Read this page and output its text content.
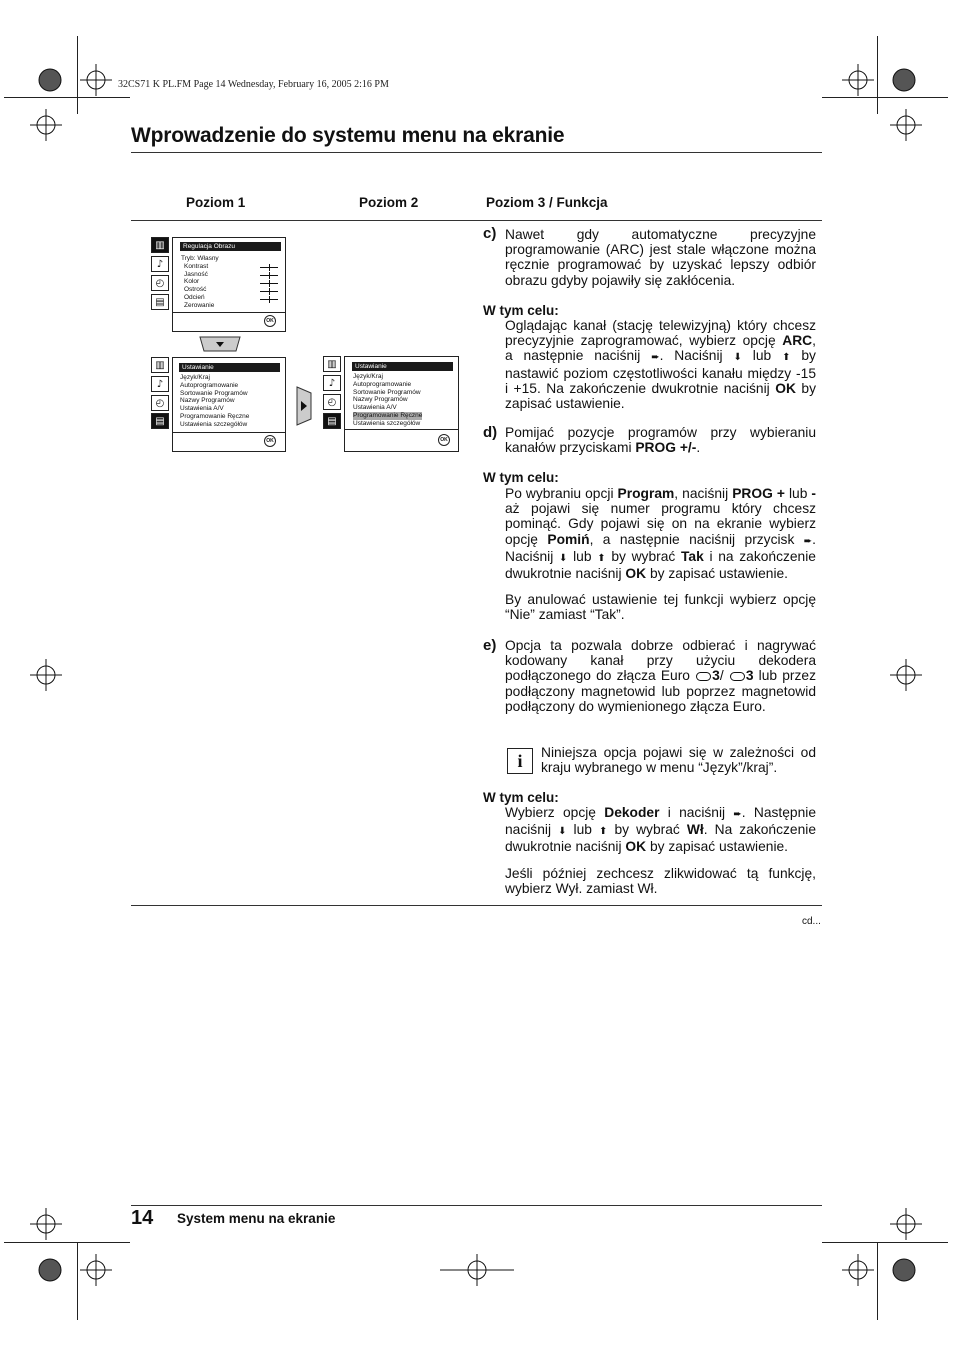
32CS71 K PL.FM Page 14 Wednesday, February 16, 2005 2:16 PM
Wprowadzenie do systemu menu na ekranie
Poziom 1	Poziom 2	Poziom 3 / Funkcja
▥
♪
◴
▤
Regulacja Obrazu
Tryb: Własny
Kontrast
Jasność
Kolor
Ostrość
Odcień
Zerowanie
OK
▥
♪
◴
▤
Ustawianie
Język/Kraj
Autoprogramowanie
Sortowanie Programów
Nazwy Programów
Ustawienia A/V
Programowanie Ręczne
Ustawienia szczegółów
OK
▥
♪
◴
▤
Ustawianie
Język/Kraj
Autoprogramowanie
Sortowanie Programów
Nazwy Programów
Ustawienia A/V
Programowanie Ręczne
Ustawienia szczegółów
OK
c) Nawet gdy automatyczne precyzyjne programowanie (ARC) jest stale włączone można ręcznie programować by uzyskać lepszy odbiór obrazu gdyby pojawiły się zakłócenia.
W tym celu:
Oglądając kanał (stację telewizyjną) który chcesz precyzyjnie zaprogramować, wybierz opcję ARC, a następnie naciśnij ➨. Naciśnij ⬇ lub ⬆ by nastawić poziom częstotliwości kanału między -15 i +15. Na zakończenie dwukrotnie naciśnij OK by zapisać ustawienie.
d) Pomijać pozycje programów przy wybieraniu kanałów przyciskami PROG +/-.
W tym celu:
Po wybraniu opcji Program, naciśnij PROG + lub - aż pojawi się numer programu który chcesz pominąć. Gdy pojawi się on na ekranie wybierz opcję Pomiń, a następnie naciśnij przycisk ➨. Naciśnij ⬇ lub ⬆ by wybrać Tak i na zakończenie dwukrotnie naciśnij OK by zapisać ustawienie.
By anulować ustawienie tej funkcji wybierz opcję “Nie” zamiast “Tak”.
e) Opcja ta pozwala dobrze odbierać i nagrywać kodowany kanał przy użyciu dekodera podłączonego do złącza Euro 3/ 3 lub przez podłączony magnetowid lub poprzez magnetowid podłączony do wymienionego złącza Euro.
i	Niniejsza opcja pojawi się w zależności od kraju wybranego w menu “Język”/kraj”.
W tym celu:
Wybierz opcję Dekoder i naciśnij ➨. Następnie naciśnij ⬇ lub ⬆ by wybrać Wł. Na zakończenie dwukrotnie naciśnij OK by zapisać ustawienie.
Jeśli później zechcesz zlikwidować tą funkcję, wybierz Wył. zamiast Wł.
cd...
14 System menu na ekranie
